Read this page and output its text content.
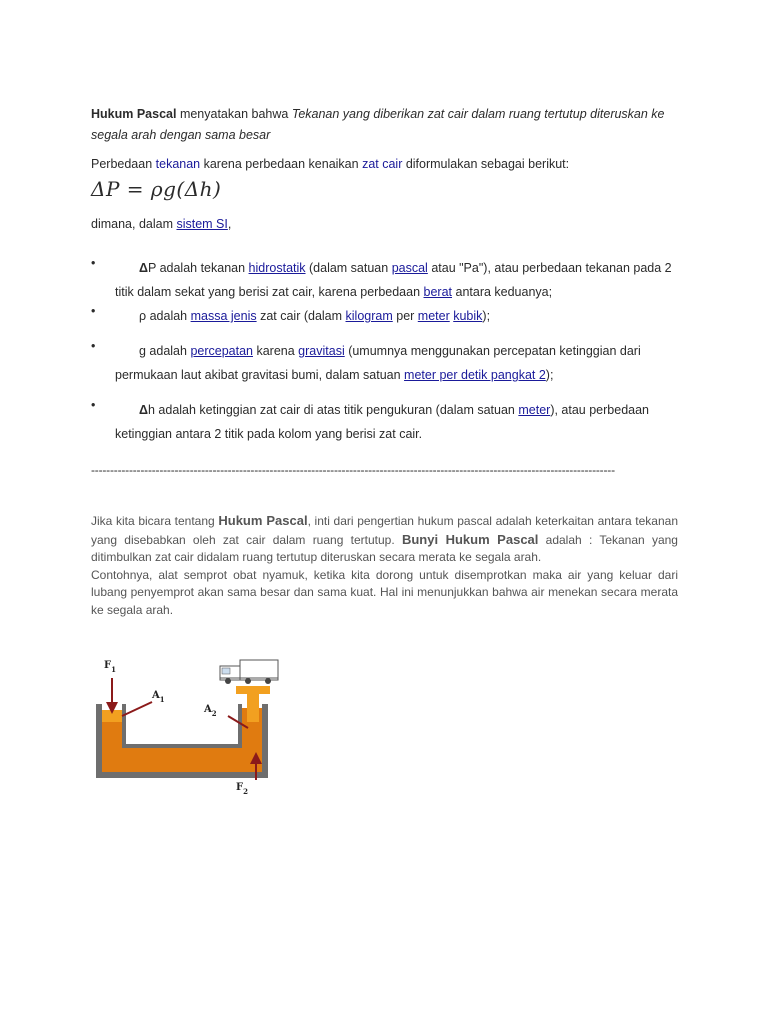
Hukum Pascal menyatakan bahwa Tekanan yang diberikan zat cair dalam ruang tertutup diteruskan ke segala arah dengan sama besar
Perbedaan tekanan karena perbedaan kenaikan zat cair diformulakan sebagai berikut:
ΔP = ρg(Δh)
dimana, dalam sistem SI,
•	ΔP adalah tekanan hidrostatik (dalam satuan pascal atau "Pa"), atau perbedaan tekanan pada 2 titik dalam sekat yang berisi zat cair, karena perbedaan berat antara keduanya;
•	ρ adalah massa jenis zat cair (dalam kilogram per meter kubik);
•	g adalah percepatan karena gravitasi (umumnya menggunakan percepatan ketinggian dari permukaan laut akibat gravitasi bumi, dalam satuan meter per detik pangkat 2);
•	Δh adalah ketinggian zat cair di atas titik pengukuran (dalam satuan meter), atau perbedaan ketinggian antara 2 titik pada kolom yang berisi zat cair.
------------------------------------------------------------------------------------------------------------------------------------------
Jika kita bicara tentang Hukum Pascal, inti dari pengertian hukum pascal adalah keterkaitan antara tekanan yang disebabkan oleh zat cair dalam ruang tertutup. Bunyi Hukum Pascal adalah : Tekanan yang ditimbulkan zat cair didalam ruang tertutup diteruskan secara merata ke segala arah.
Contohnya, alat semprot obat nyamuk, ketika kita dorong untuk disemprotkan maka air yang keluar dari lubang penyemprot akan sama besar dan sama kuat. Hal ini menunjukkan bahwa air menekan secara merata ke segala arah.
$F_1$
$A_1$
$A_2$
$F_2$
